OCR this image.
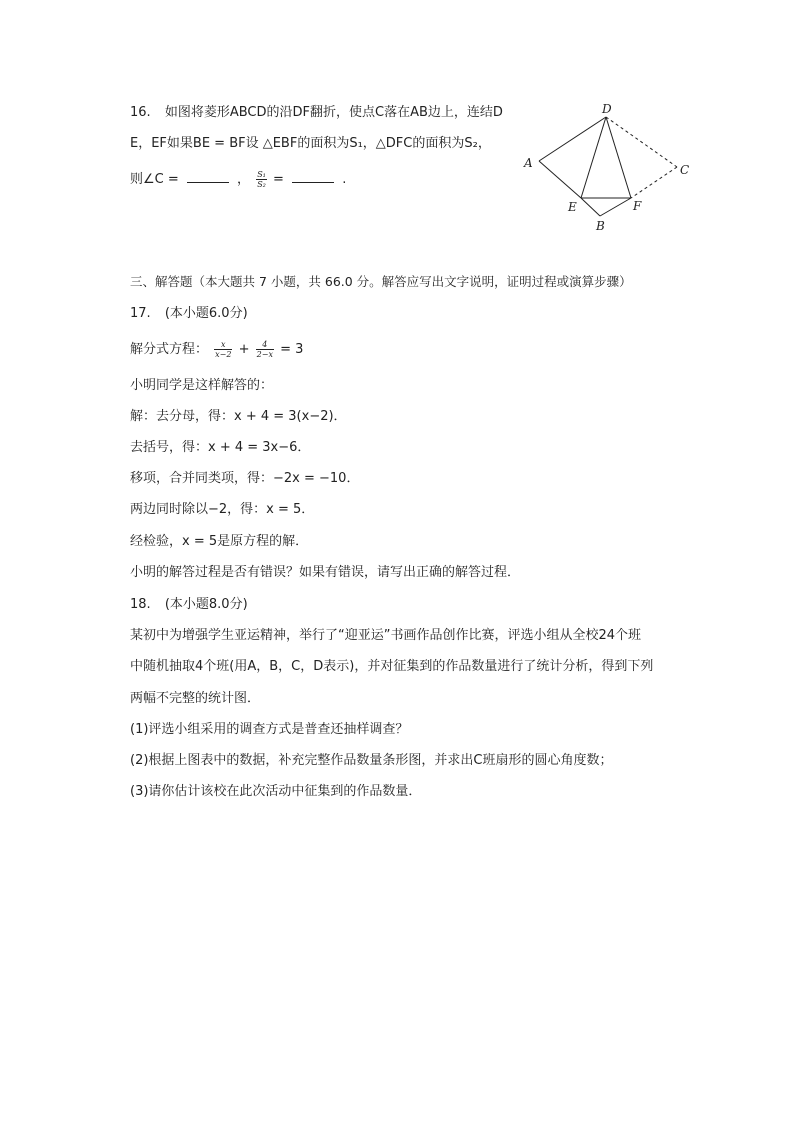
16. 如图将菱形ABCD的沿DF翻折，使点C落在AB边上，连结D
E，EF如果BE = BF设 △EBF的面积为S₁，△DFC的面积为S₂，
则∠C =	， $\frac{\text{S₁}}{\text{S₂}}$ =	.
D
A	C
E	F
B
三、解答题（本大题共 7 小题，共 66.0 分。解答应写出文字说明，证明过程或演算步骤）
17. (本小题6.0分)
解分式方程： $\frac{x}{x-2} + \frac{4}{2-x} = 3$
小明同学是这样解答的：
解：去分母，得：x + 4 = 3(x−2)．
去括号，得：x + 4 = 3x−6．
移项，合并同类项，得：−2x = −10．
两边同时除以−2，得：x = 5．
经检验，x = 5是原方程的解．
小明的解答过程是否有错误？如果有错误，请写出正确的解答过程．
18. (本小题8.0分)
某初中为增强学生亚运精神，举行了“迎亚运”书画作品创作比赛，评选小组从全校24个班
中随机抽取4个班(用A，B，C，D表示)，并对征集到的作品数量进行了统计分析，得到下列
两幅不完整的统计图．
(1)评选小组采用的调查方式是普查还抽样调查？
(2)根据上图表中的数据，补充完整作品数量条形图，并求出C班扇形的圆心角度数；
(3)请你估计该校在此次活动中征集到的作品数量．
